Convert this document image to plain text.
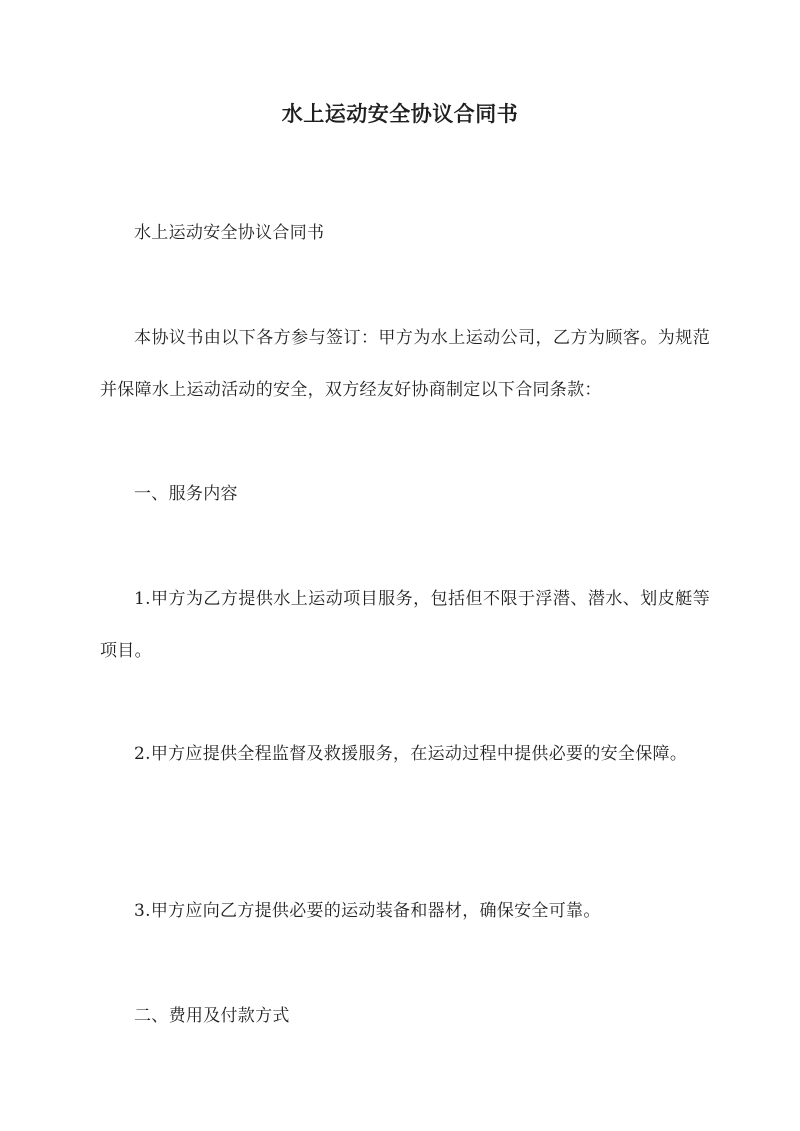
水上运动安全协议合同书

水上运动安全协议合同书

本协议书由以下各方参与签订：甲方为水上运动公司，乙方为顾客。为规范并保障水上运动活动的安全，双方经友好协商制定以下合同条款：

一、服务内容

1.甲方为乙方提供水上运动项目服务，包括但不限于浮潜、潜水、划皮艇等项目。

2.甲方应提供全程监督及救援服务，在运动过程中提供必要的安全保障。

3.甲方应向乙方提供必要的运动装备和器材，确保安全可靠。

二、费用及付款方式
